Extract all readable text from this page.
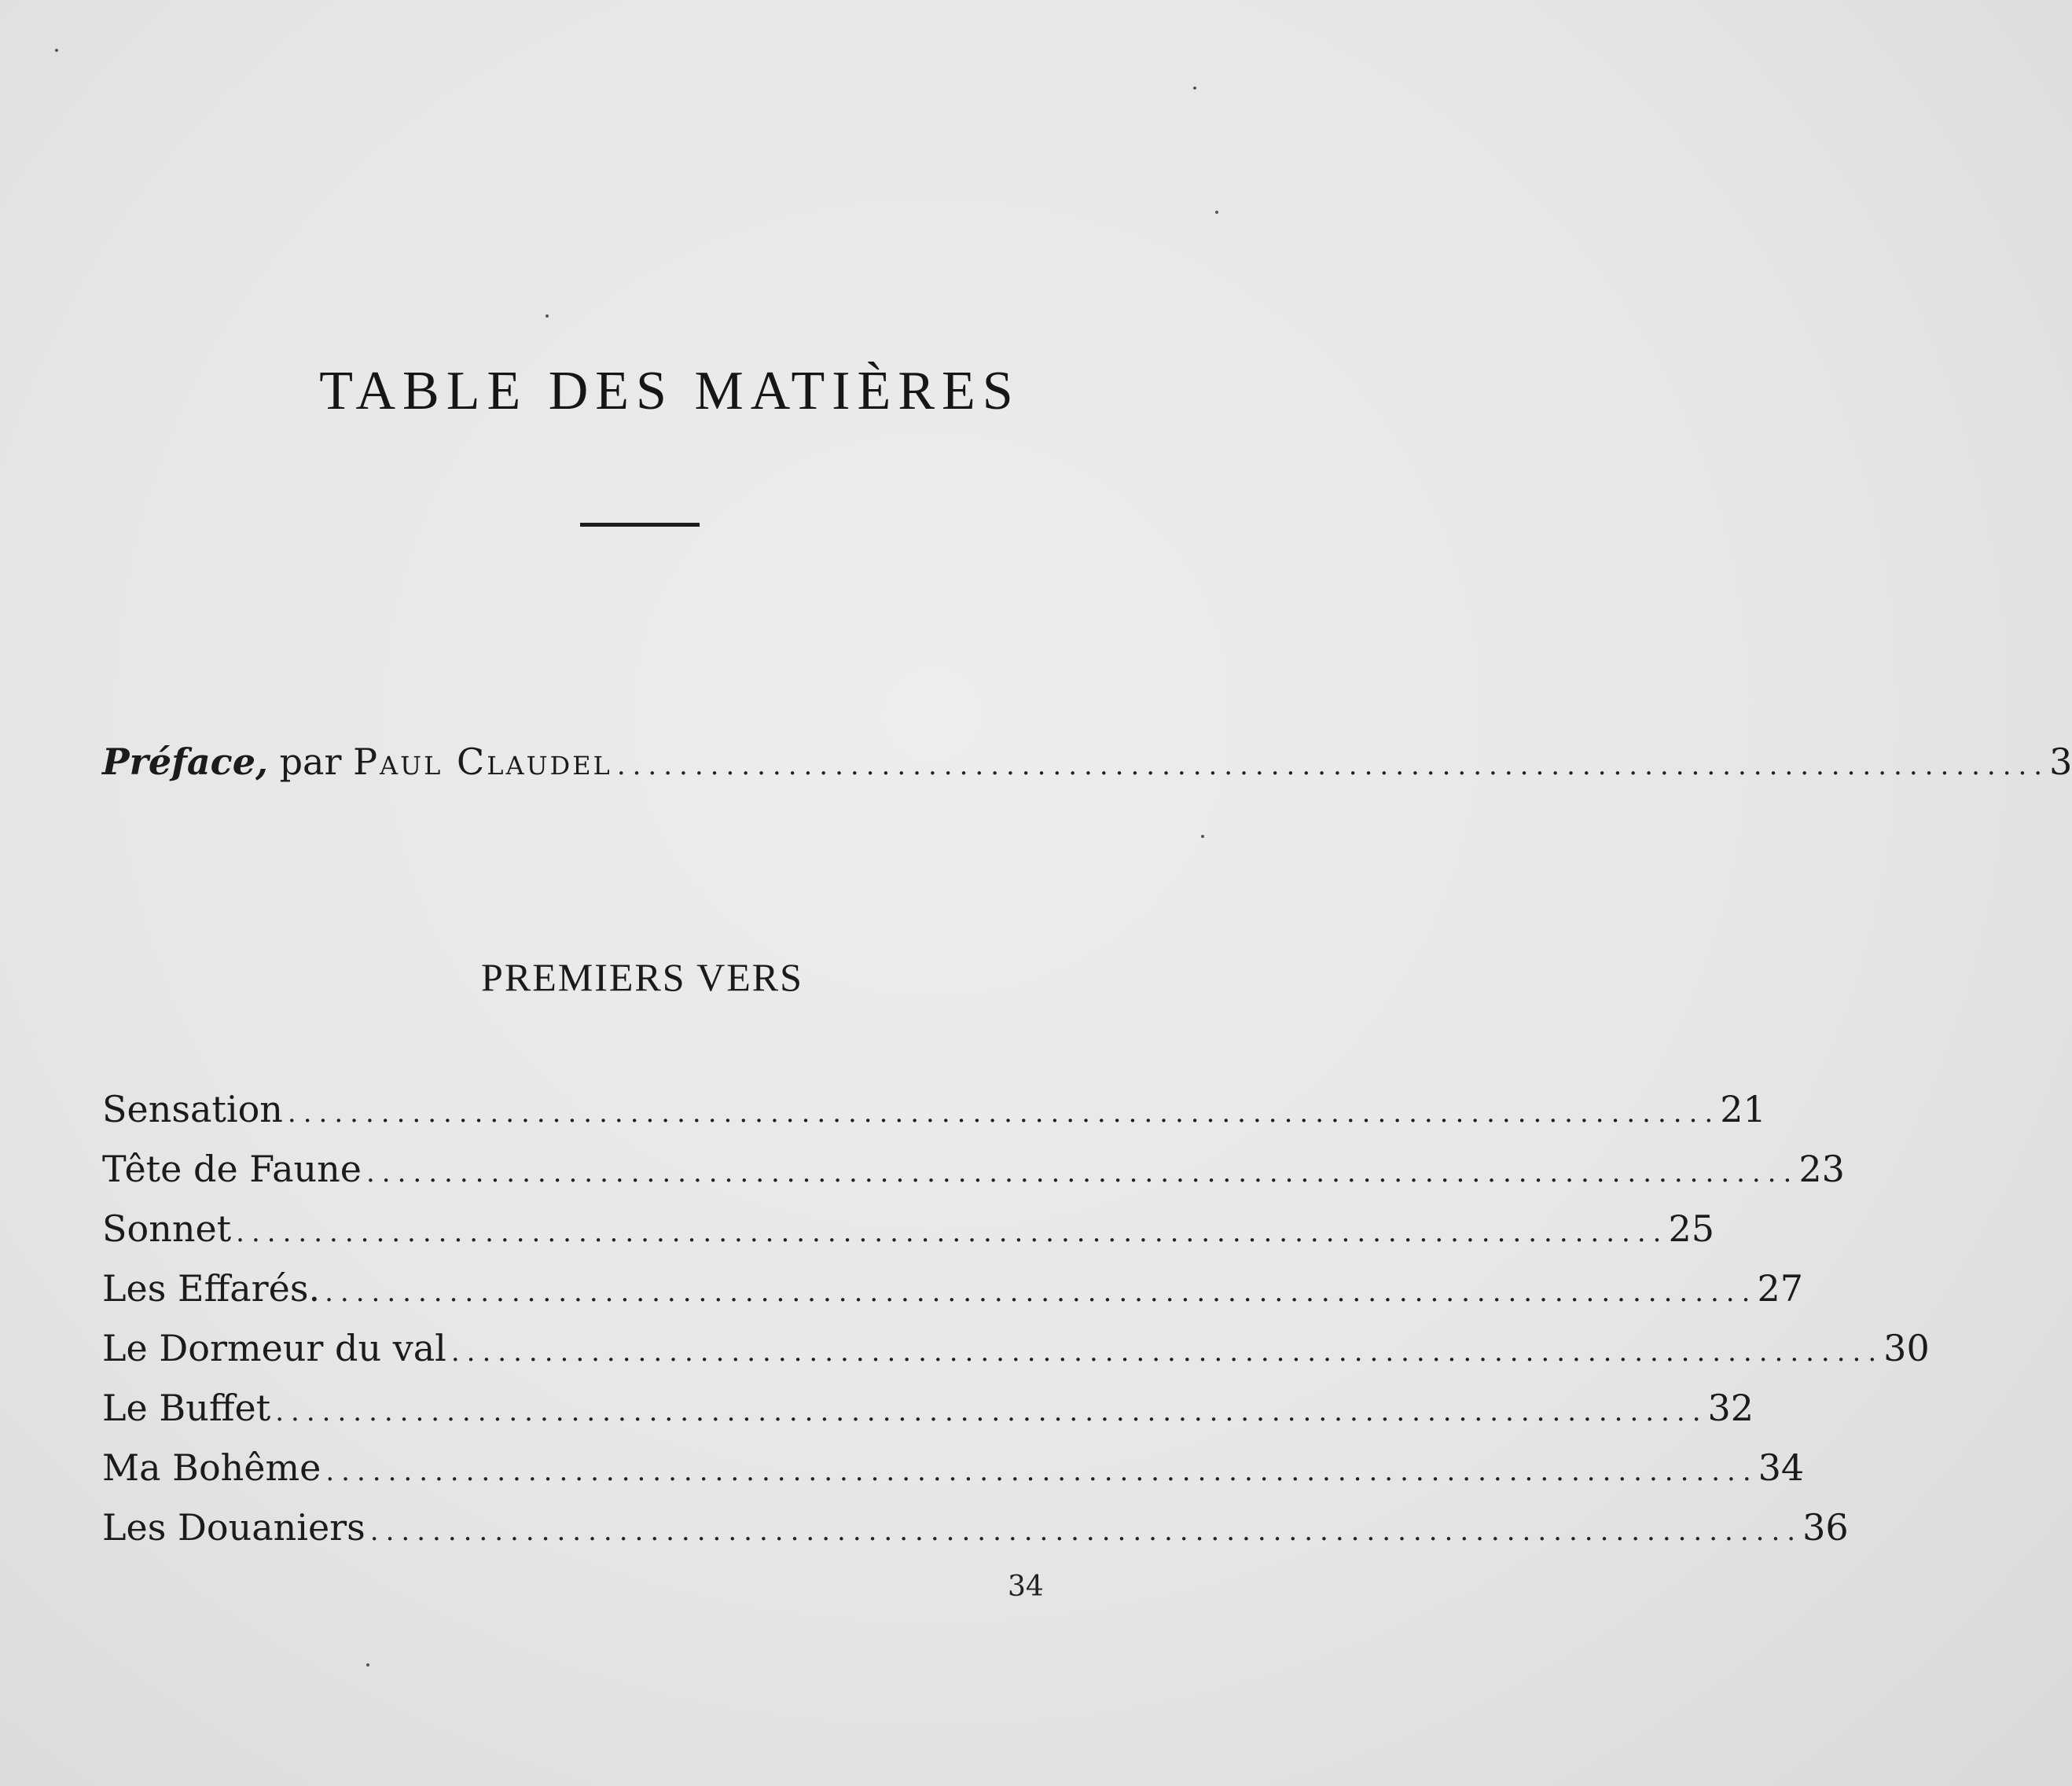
TABLE DES MATIÈRES
Préface, par Paul Claudel ............................................................................................ 3
PREMIERS VERS
Sensation ............................................................................................ 21
Tête de Faune ............................................................................................ 23
Sonnet ............................................................................................ 25
Les Effarés. ............................................................................................ 27
Le Dormeur du val ............................................................................................ 30
Le Buffet ............................................................................................ 32
Ma Bohême ............................................................................................ 34
Les Douaniers ............................................................................................ 36
34
